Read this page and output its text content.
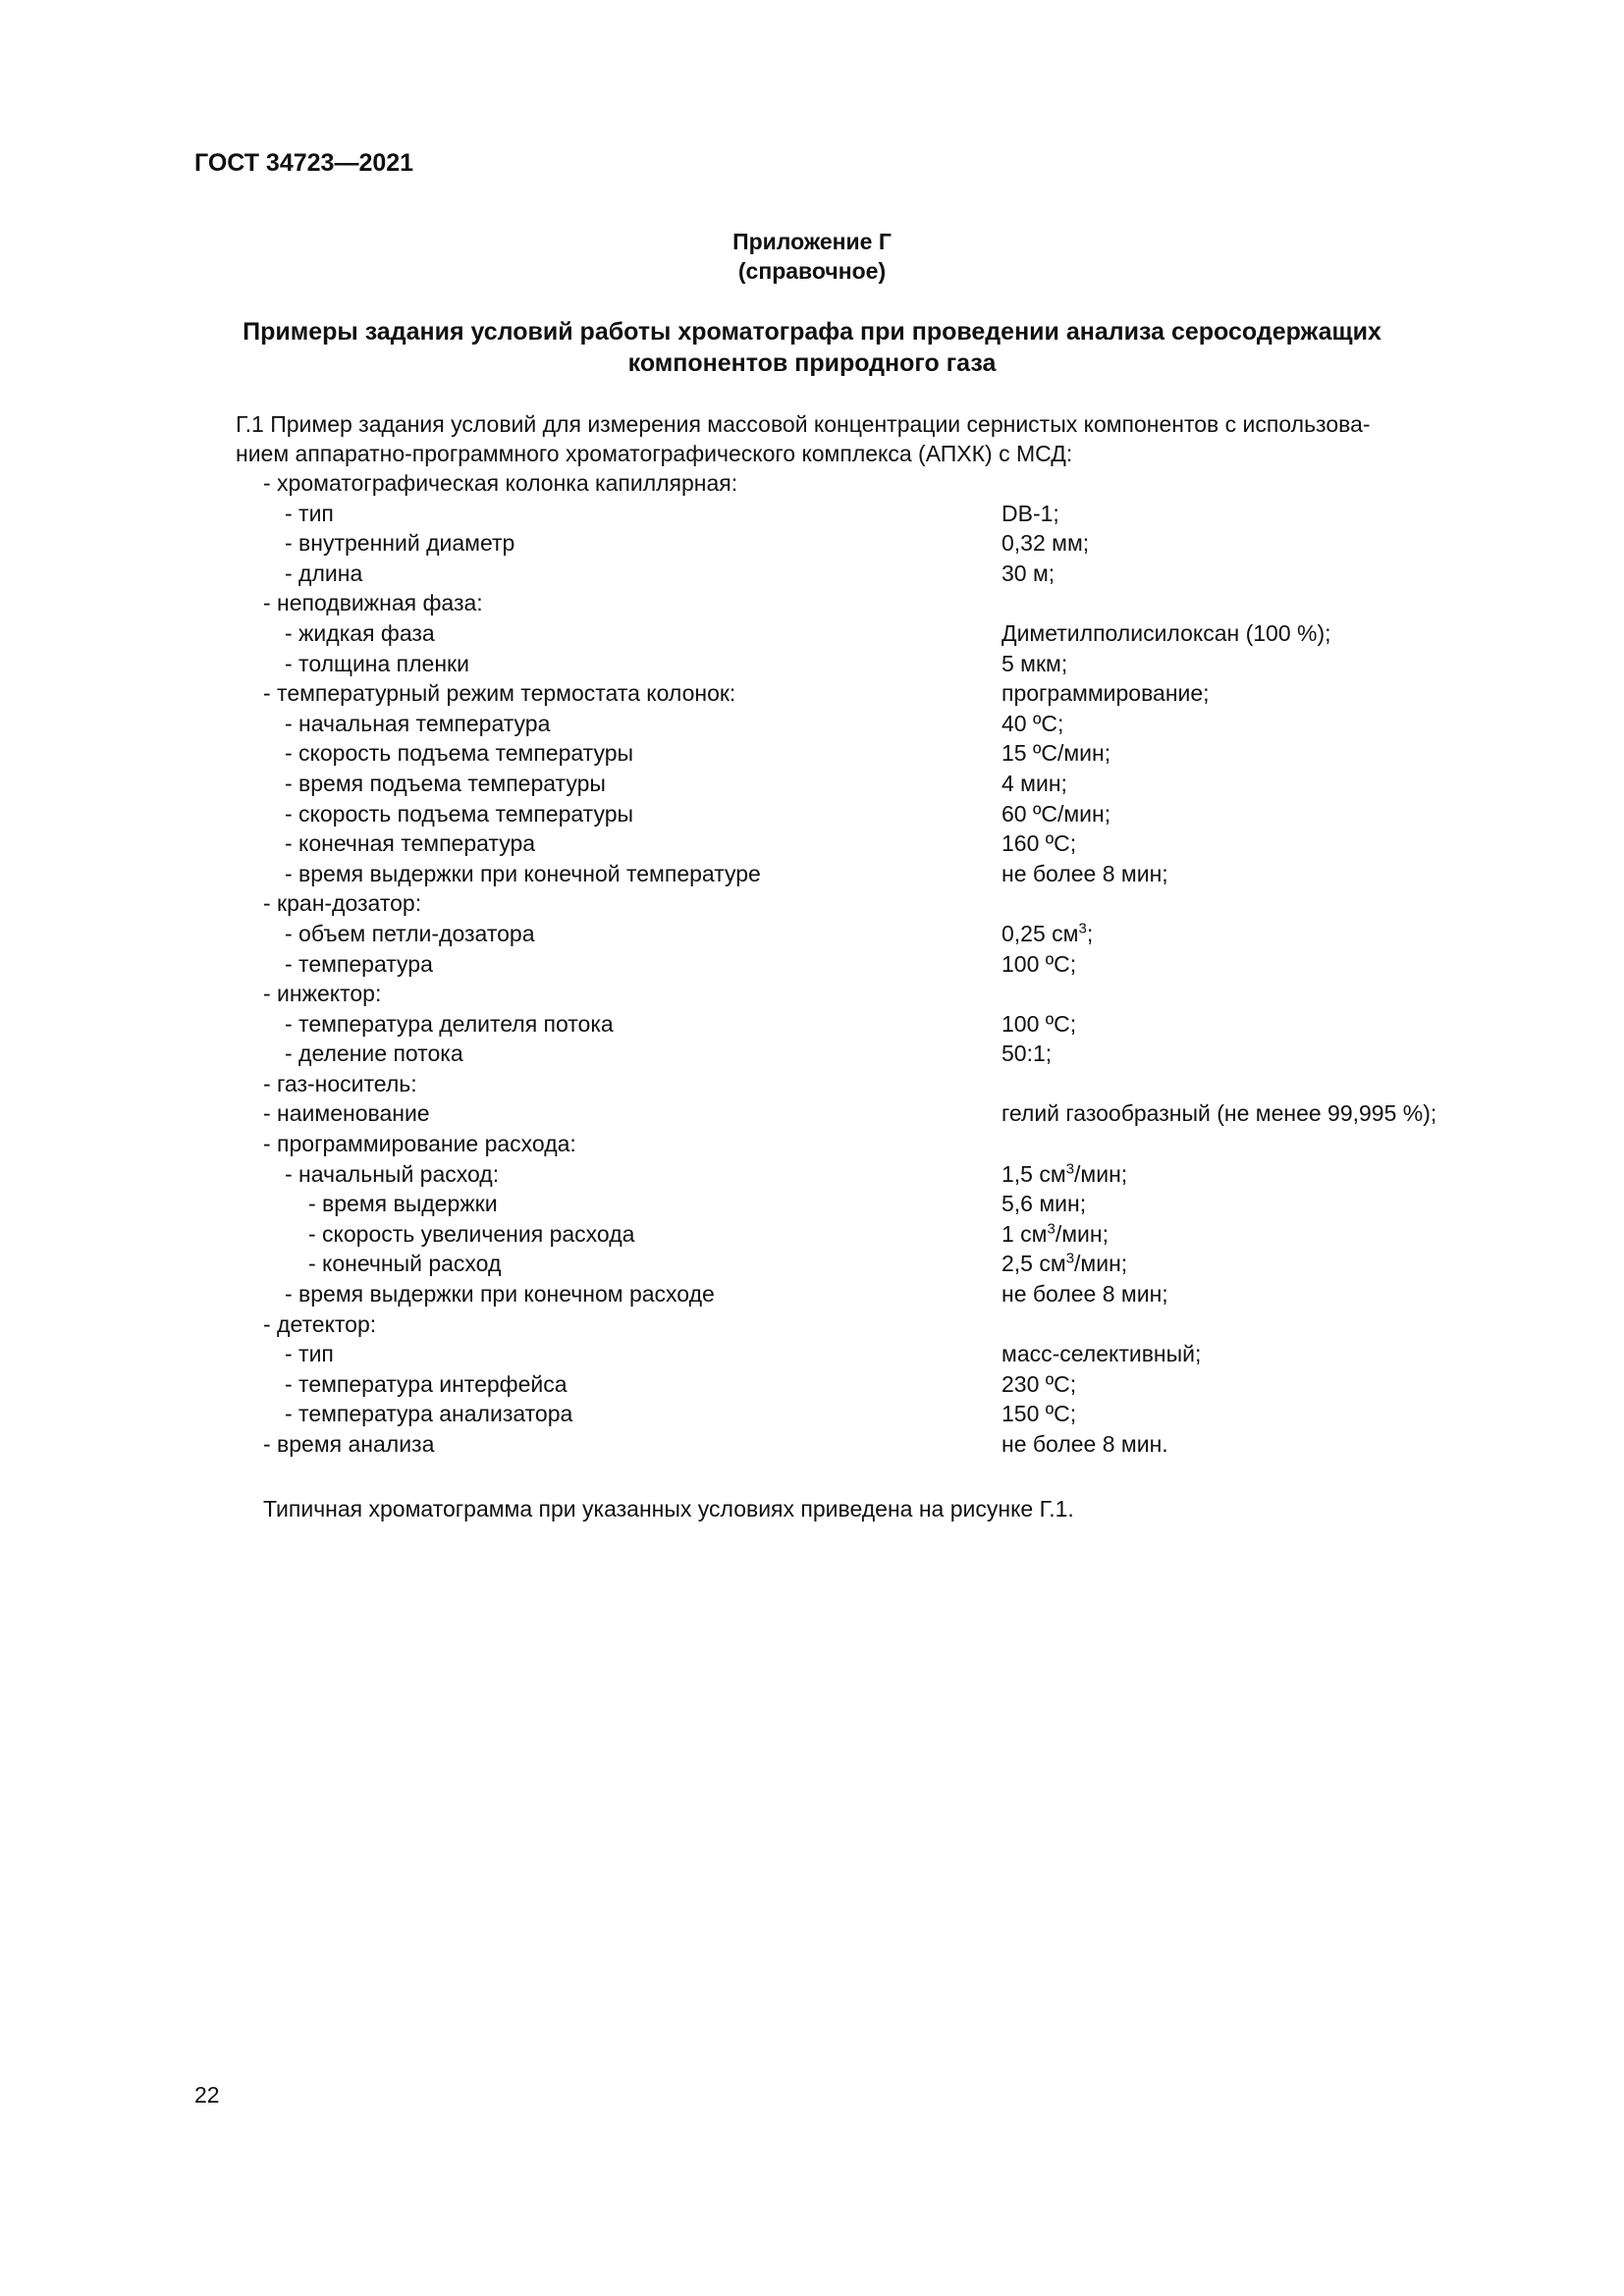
ГОСТ 34723—2021
Приложение Г
(справочное)
Примеры задания условий работы хроматографа при проведении анализа серосодержащих
компонентов природного газа
Г.1 Пример задания условий для измерения массовой концентрации сернистых компонентов с использова-
нием аппаратно-программного хроматографического комплекса (АПХК) с МСД:
- хроматографическая колонка капиллярная:
- тип	DB-1;
- внутренний диаметр	0,32 мм;
- длина	30 м;
- неподвижная фаза:
- жидкая фаза	Диметилполисилоксан (100 %);
- толщина пленки	5 мкм;
- температурный режим термостата колонок:	программирование;
- начальная температура	40 ºС;
- скорость подъема температуры	15 ºС/мин;
- время подъема температуры	4 мин;
- скорость подъема температуры	60 ºС/мин;
- конечная температура	160 ºС;
- время выдержки при конечной температуре	не более 8 мин;
- кран-дозатор:
- объем петли-дозатора	0,25 $см^3$;
- температура	100 ºС;
- инжектор:
- температура делителя потока	100 ºС;
- деление потока	50:1;
- газ-носитель:
- наименование	гелий газообразный (не менее 99,995 %);
- программирование расхода:
- начальный расход:	1,5 $см^3$/мин;
- время выдержки	5,6 мин;
- скорость увеличения расхода	1 $см^3$/мин;
- конечный расход	2,5 $см^3$/мин;
- время выдержки при конечном расходе	не более 8 мин;
- детектор:
- тип	масс-селективный;
- температура интерфейса	230 ºС;
- температура анализатора	150 ºС;
- время анализа	не более 8 мин.
Типичная хроматограмма при указанных условиях приведена на рисунке Г.1.
22
